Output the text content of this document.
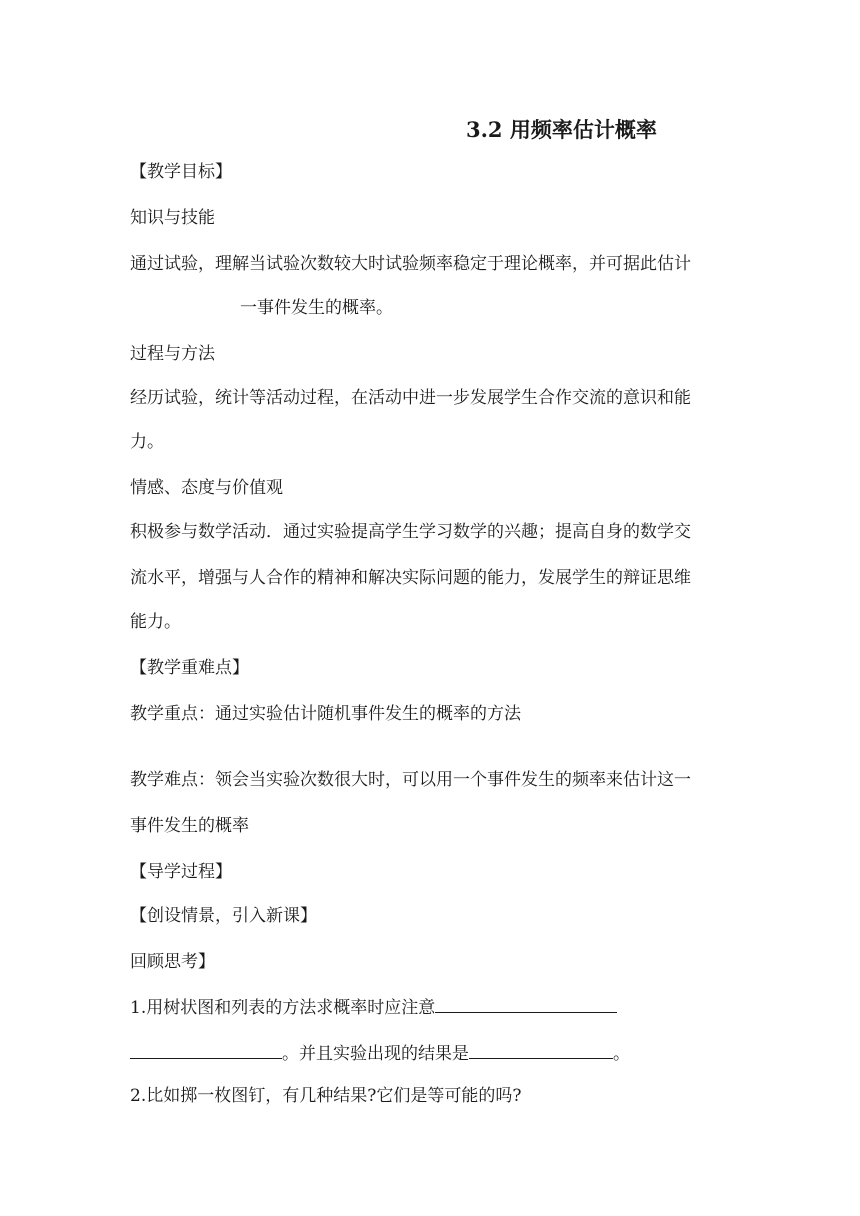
3.2 用频率估计概率
【教学目标】
知识与技能
通过试验，理解当试验次数较大时试验频率稳定于理论概率，并可据此估计
一事件发生的概率。
过程与方法
经历试验，统计等活动过程，在活动中进一步发展学生合作交流的意识和能
力。
情感、态度与价值观
积极参与数学活动．通过实验提高学生学习数学的兴趣；提高自身的数学交
流水平，增强与人合作的精神和解决实际问题的能力，发展学生的辩证思维
能力。
【教学重难点】
教学重点：通过实验估计随机事件发生的概率的方法
教学难点：领会当实验次数很大时，可以用一个事件发生的频率来估计这一
事件发生的概率
【导学过程】
【创设情景，引入新课】
回顾思考】
1.用树状图和列表的方法求概率时应注意
。并且实验出现的结果是	。
2.比如掷一枚图钉，有几种结果?它们是等可能的吗?
